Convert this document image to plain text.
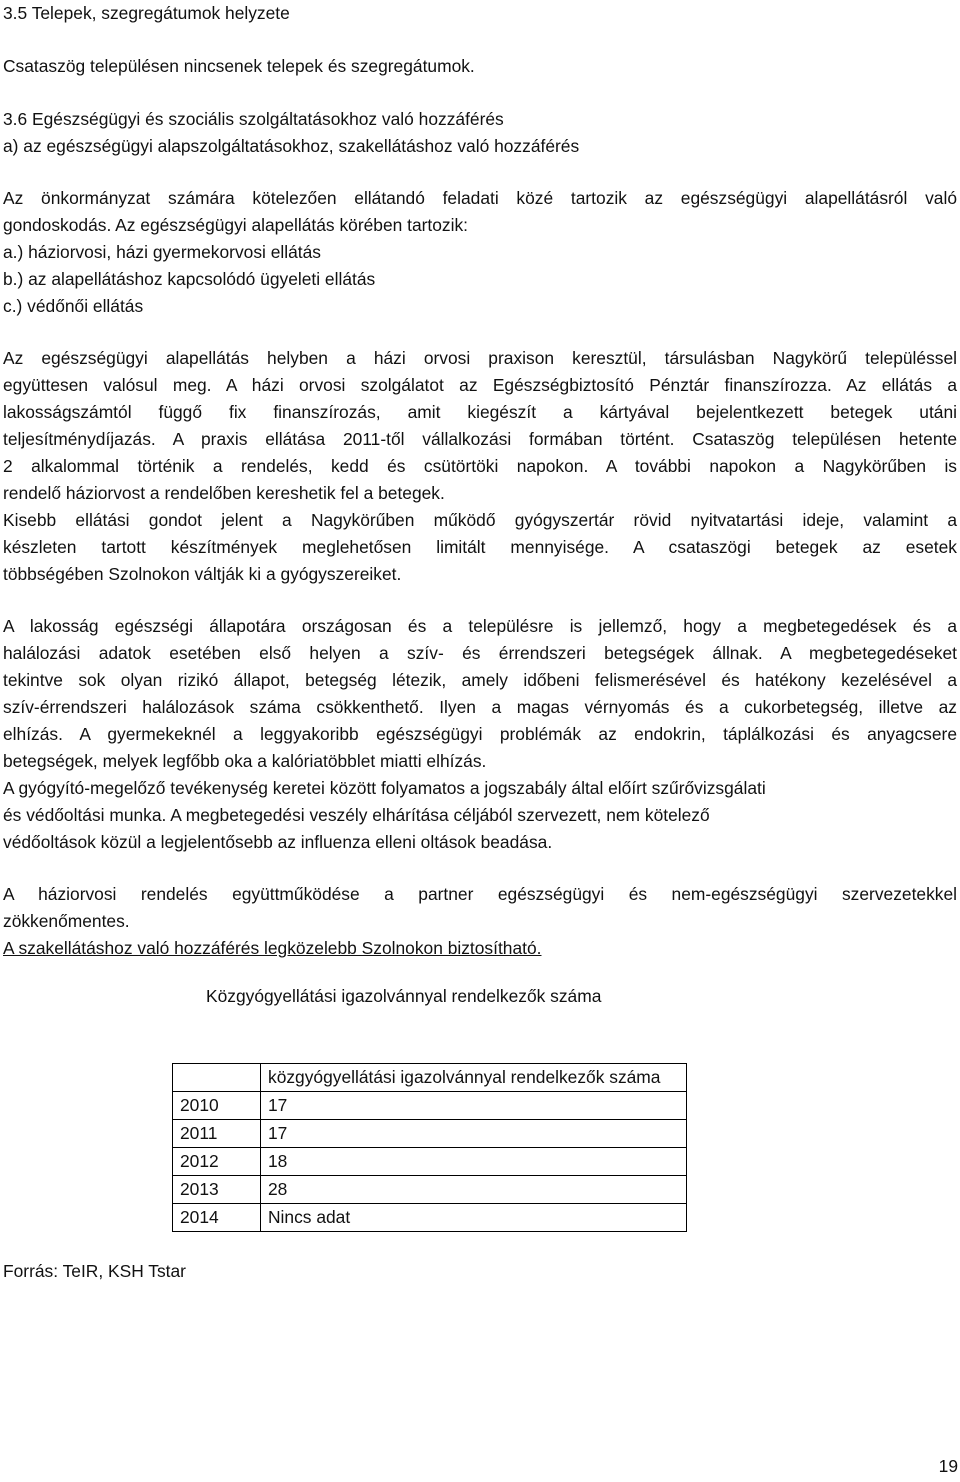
3.5 Telepek, szegregátumok helyzete
Csataszög településen nincsenek telepek és szegregátumok.
3.6 Egészségügyi és szociális szolgáltatásokhoz való hozzáférés
a) az egészségügyi alapszolgáltatásokhoz, szakellátáshoz való hozzáférés
Az önkormányzat számára kötelezően ellátandó feladati közé tartozik az egészségügyi alapellátásról való
gondoskodás. Az egészségügyi alapellátás körében tartozik:
a.) háziorvosi, házi gyermekorvosi ellátás
b.) az alapellátáshoz kapcsolódó ügyeleti ellátás
c.) védőnői ellátás
Az egészségügyi alapellátás helyben a házi orvosi praxison keresztül, társulásban Nagykörű településsel
együttesen valósul meg. A házi orvosi szolgálatot az Egészségbiztosító Pénztár finanszírozza. Az ellátás a
lakosságszámtól függő fix finanszírozás, amit kiegészít a kártyával bejelentkezett betegek utáni
teljesítménydíjazás. A praxis ellátása 2011-től vállalkozási formában történt. Csataszög településen hetente
2 alkalommal történik a rendelés, kedd és csütörtöki napokon. A további napokon a Nagykörűben is
rendelő háziorvost a rendelőben kereshetik fel a betegek.
Kisebb ellátási gondot jelent a Nagykörűben működő gyógyszertár rövid nyitvatartási ideje, valamint a
készleten tartott készítmények meglehetősen limitált mennyisége. A csataszögi betegek az esetek
többségében Szolnokon váltják ki a gyógyszereiket.
A lakosság egészségi állapotára országosan és a településre is jellemző, hogy a megbetegedések és a
halálozási adatok esetében első helyen a szív- és érrendszeri betegségek állnak. A megbetegedéseket
tekintve sok olyan rizikó állapot, betegség létezik, amely időbeni felismerésével és hatékony kezelésével a
szív-érrendszeri halálozások száma csökkenthető. Ilyen a magas vérnyomás és a cukorbetegség, illetve az
elhízás. A gyermekeknél a leggyakoribb egészségügyi problémák az endokrin, táplálkozási és anyagcsere
betegségek, melyek legfőbb oka a kalóriatöbblet miatti elhízás.
A gyógyító-megelőző tevékenység keretei között folyamatos a jogszabály által előírt szűrővizsgálati
és védőoltási munka. A megbetegedési veszély elhárítása céljából szervezett, nem kötelező
védőoltások közül a legjelentősebb az influenza elleni oltások beadása.
A háziorvosi rendelés együttműködése a partner egészségügyi és nem-egészségügyi szervezetekkel
zökkenőmentes.
A szakellátáshoz való hozzáférés legközelebb Szolnokon biztosítható.
Közgyógyellátási igazolvánnyal rendelkezők száma

	közgyógyellátási igazolvánnyal rendelkezők száma

2010	17
2011	17
2012	18
2013	28
2014	Nincs adat
Forrás: TeIR, KSH Tstar
19
